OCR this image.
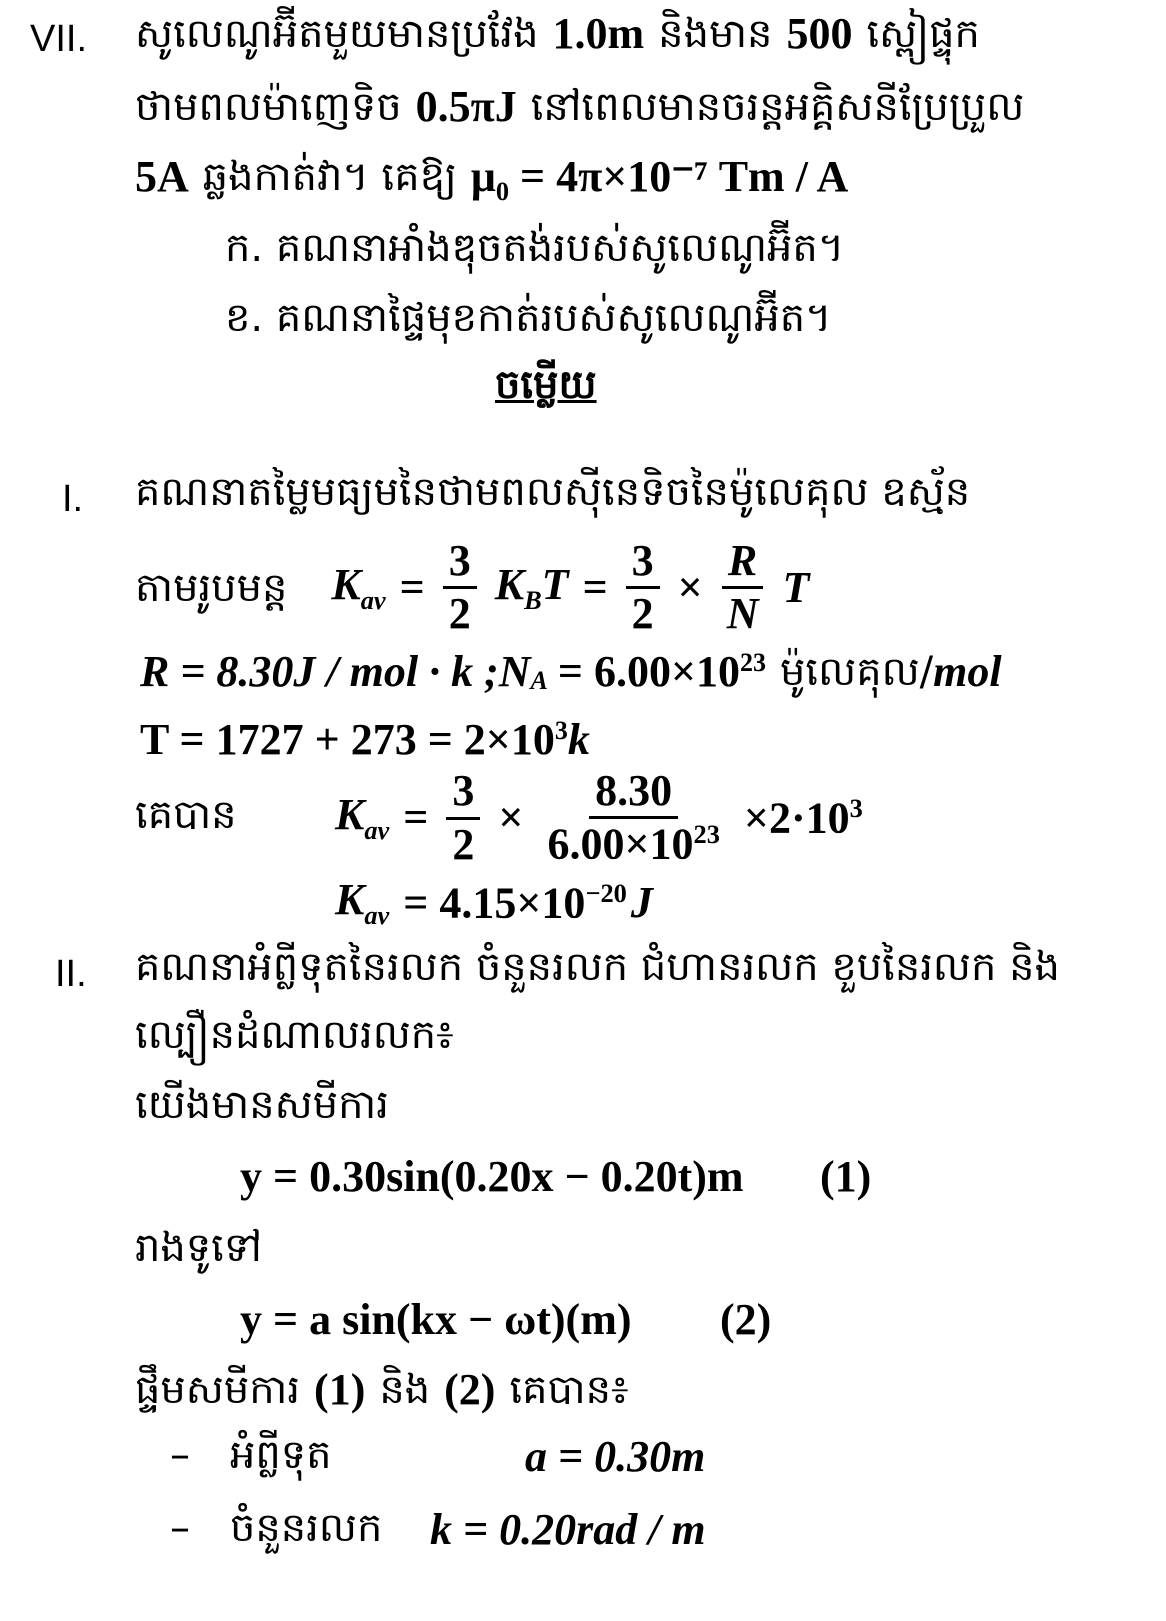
VII. សូលេណូអ៊ីតមួយមានប្រវែង 1.0m និងមាន 500 ស្ពៀផ្ទុក
ថាមពលម៉ាញេទិច 0.5πJ នៅពេលមានចរន្តអគ្គិសនីប្រែប្រួល
5A ឆ្លងកាត់វា។ គេឱ្យ μ₀ = 4π×10⁻⁷ Tm / A
ក. គណនាអាំងឌុចតង់របស់សូលេណូអ៊ីត។
ខ. គណនាផ្ទៃមុខកាត់របស់សូលេណូអ៊ីត។
ចម្លើយ
I. គណនាតម្លៃមធ្យមនៃថាមពលស៊ីនេទិចនៃម៉ូលេគុល ឧស្ម័ន
តាមរូបមន្ត $K_{av} = \frac{3}{2} K_BT = \frac{3}{2} \times \frac{R}{N}$ T
R = 8.30J / mol · k $;N_A = 6.00\times 10^{23}$ ម៉ូលេគុល/ mol
$T = 1727 + 273 = 2\times 10^3$ k
គេបាន $K_{av} = \frac{3}{2} \times \frac{8.30}{6.00\times 10^{23}} \times 2\cdot 10^3$
$K_{av} = 4.15\times 10^{-20}$ J
II. គណនាអំព្លីទុតនៃរលក ចំនួនរលក ជំហានរលក ខួបនៃរលក និង
ល្បឿនដំណាលរលក៖
យើងមានសមីការ
y = 0.30sin(0.20x − 0.20t)m (1)
រាងទូទៅ
y = a sin(kx − ωt)(m) (2)
ផ្ទឹមសមីការ (1) និង (2) គេបាន៖
– អំព្លីទុត	a = 0.30m
– ចំនួនរលក k = 0.20rad / m
